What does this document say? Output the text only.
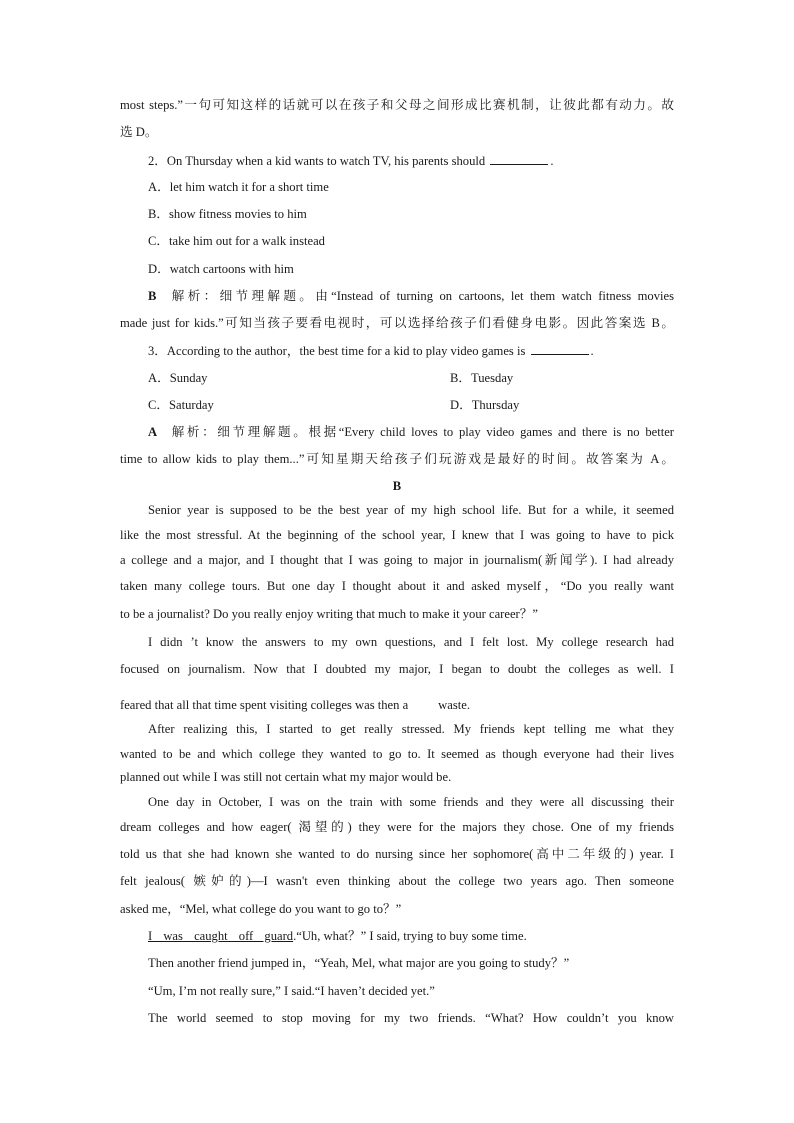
most steps.”一句可知这样的话就可以在孩子和父母之间形成比赛机制，让彼此都有动力。故
选 D。
2．On Thursday when a kid wants to watch TV, his parents should	.
A．let him watch it for a short time
B．show fitness movies to him
C．take him out for a walk instead
D．watch cartoons with him
B 解析：细节理解题。由“Instead of turning on cartoons, let them watch fitness movies
made just for kids.”可知当孩子要看电视时，可以选择给孩子们看健身电影。因此答案选 B。
3．According to the author，the best time for a kid to play video games is	.
A．Sunday	B．Tuesday
C．Saturday	D．Thursday
A 解析：细节理解题。根据“Every child loves to play video games and there is no better
time to allow kids to play them...”可知星期天给孩子们玩游戏是最好的时间。故答案为 A。
B
Senior year is supposed to be the best year of my high school life. But for a while, it seemed
like the most stressful. At the beginning of the school year, I knew that I was going to have to pick
a college and a major, and I thought that I was going to major in journalism(新闻学). I had already
taken many college tours. But one day I thought about it and asked myself，“Do you really want
to be a journalist? Do you really enjoy writing that much to make it your career？”
I didn ’t know the answers to my own questions, and I felt lost. My college research had
focused on journalism. Now that I doubted my major, I began to doubt the colleges as well. I
feared that all that time spent visiting colleges was then a waste.
After realizing this, I started to get really stressed. My friends kept telling me what they
wanted to be and which college they wanted to go to. It seemed as though everyone had their lives
planned out while I was still not certain what my major would be.
One day in October, I was on the train with some friends and they were all discussing their
dream colleges and how eager( 渴望的) they were for the majors they chose. One of my friends
told us that she had known she wanted to do nursing since her sophomore(高中二年级的) year. I
felt jealous( 嫉妒的)—I wasn't even thinking about the college two years ago. Then someone
asked me，“Mel, what college do you want to go to？”
I was caught off guard.“Uh, what？” I said, trying to buy some time.
Then another friend jumped in，“Yeah, Mel, what major are you going to study？”
“Um, I’m not really sure,” I said.“I haven’t decided yet.”
The world seemed to stop moving for my two friends. “What? How couldn’t you know
